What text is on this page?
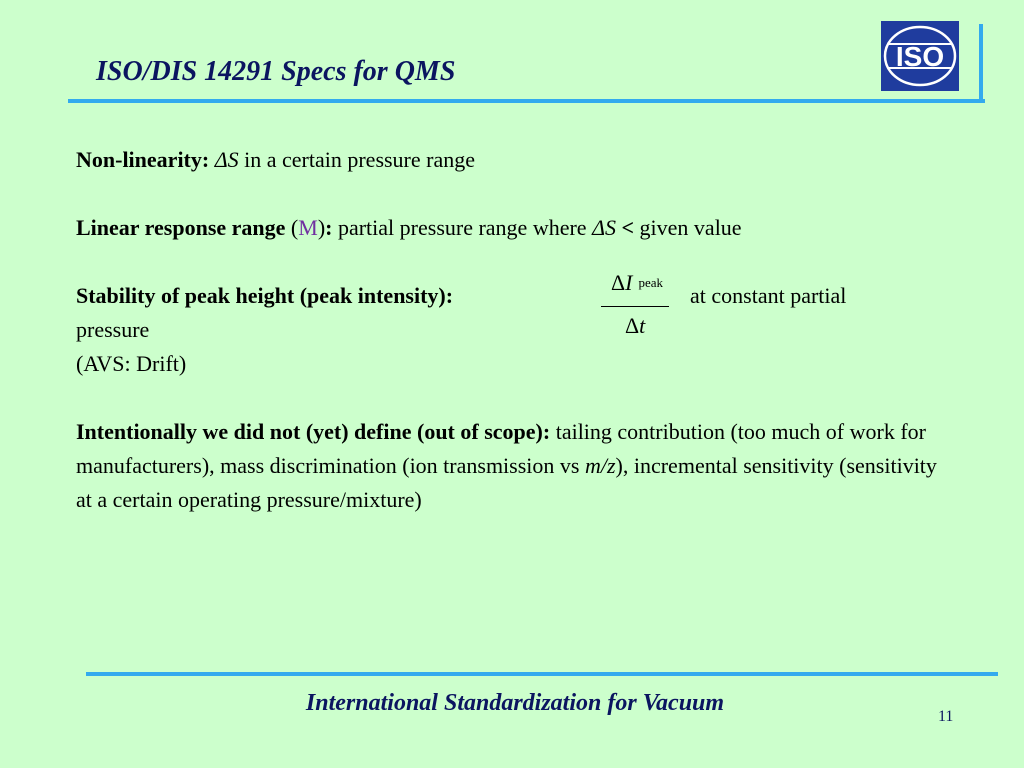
ISO/DIS 14291 Specs for QMS	ISO

Non-linearity: ΔS in a certain pressure range

Linear response range (M): partial pressure range where ΔS < given value

Stability of peak height (peak intensity):	at constant partial

pressure

(AVS: Drift)

Intentionally we did not (yet) define (out of scope): tailing contribution (too much of work for manufacturers), mass discrimination (ion transmission vs m/z), incremental sensitivity (sensitivity at a certain operating pressure/mixture)

ΔI $^{peak}$
Δt
International Standardization for Vacuum
11
